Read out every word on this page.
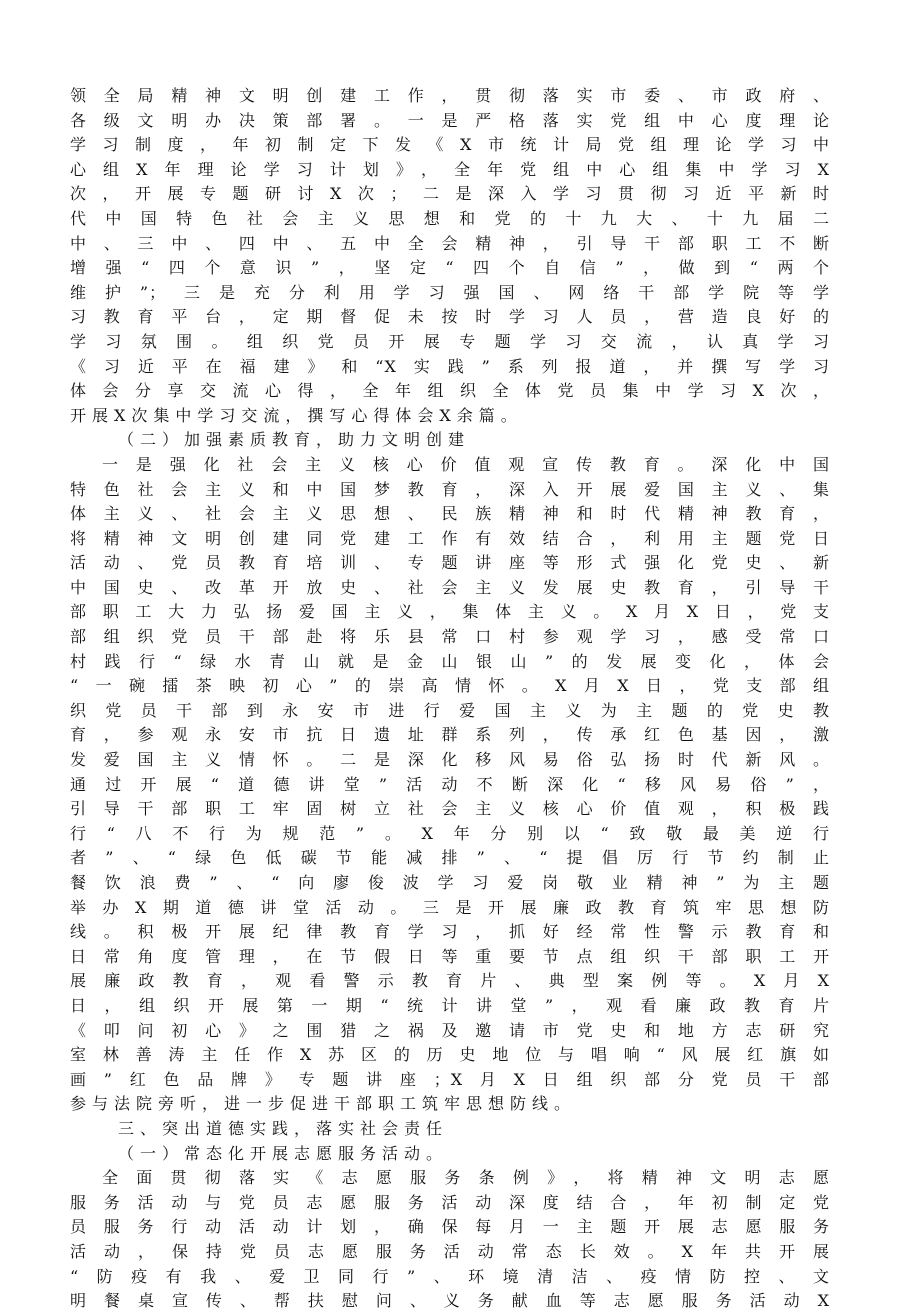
领全局精神文明创建工作，贯彻落实市委、市政府、
各级文明办决策部署。一是严格落实党组中心度理论
学习制度，年初制定下发《X市统计局党组理论学习中
心组X年理论学习计划》，全年党组中心组集中学习X
次，开展专题研讨X次；二是深入学习贯彻习近平新时
代中国特色社会主义思想和党的十九大、十九届二
中、三中、四中、五中全会精神，引导干部职工不断
增强“四个意识”，坚定“四个自信”，做到“两个
维护”；三是充分利用学习强国、网络干部学院等学
习教育平台，定期督促未按时学习人员，营造良好的
学习氛围。组织党员开展专题学习交流，认真学习
《习近平在福建》和“X实践”系列报道，并撰写学习
体会分享交流心得，全年组织全体党员集中学习X次，
开展X次集中学习交流，撰写心得体会X余篇。
（二）加强素质教育，助力文明创建
一是强化社会主义核心价值观宣传教育。深化中国
特色社会主义和中国梦教育，深入开展爱国主义、集
体主义、社会主义思想、民族精神和时代精神教育，
将精神文明创建同党建工作有效结合，利用主题党日
活动、党员教育培训、专题讲座等形式强化党史、新
中国史、改革开放史、社会主义发展史教育，引导干
部职工大力弘扬爱国主义，集体主义。X月X日，党支
部组织党员干部赴将乐县常口村参观学习，感受常口
村践行“绿水青山就是金山银山”的发展变化，体会
“一碗擂茶映初心”的崇高情怀。X月X日，党支部组
织党员干部到永安市进行爱国主义为主题的党史教
育，参观永安市抗日遗址群系列，传承红色基因，激
发爱国主义情怀。二是深化移风易俗弘扬时代新风。
通过开展“道德讲堂”活动不断深化“移风易俗”，
引导干部职工牢固树立社会主义核心价值观，积极践
行“八不行为规范”。X年分别以“致敬最美逆行
者”、“绿色低碳节能减排”、“提倡厉行节约制止
餐饮浪费”、“向廖俊波学习爱岗敬业精神”为主题
举办X期道德讲堂活动。三是开展廉政教育筑牢思想防
线。积极开展纪律教育学习，抓好经常性警示教育和
日常角度管理，在节假日等重要节点组织干部职工开
展廉政教育，观看警示教育片、典型案例等。X月X
日，组织开展第一期“统计讲堂”，观看廉政教育片
《叩问初心》之围猎之祸及邀请市党史和地方志研究
室林善涛主任作X苏区的历史地位与唱响“风展红旗如
画”红色品牌》专题讲座；X月X日组织部分党员干部
参与法院旁听，进一步促进干部职工筑牢思想防线。
三、突出道德实践，落实社会责任
（一）常态化开展志愿服务活动。
全面贯彻落实《志愿服务条例》，将精神文明志愿
服务活动与党员志愿服务活动深度结合，年初制定党
员服务行动活动计划，确保每月一主题开展志愿服务
活动，保持党员志愿服务活动常态长效。X年共开展
“防疫有我、爱卫同行”、环境清洁、疫情防控、文
明餐桌宣传、帮扶慰问、义务献血等志愿服务活动X
